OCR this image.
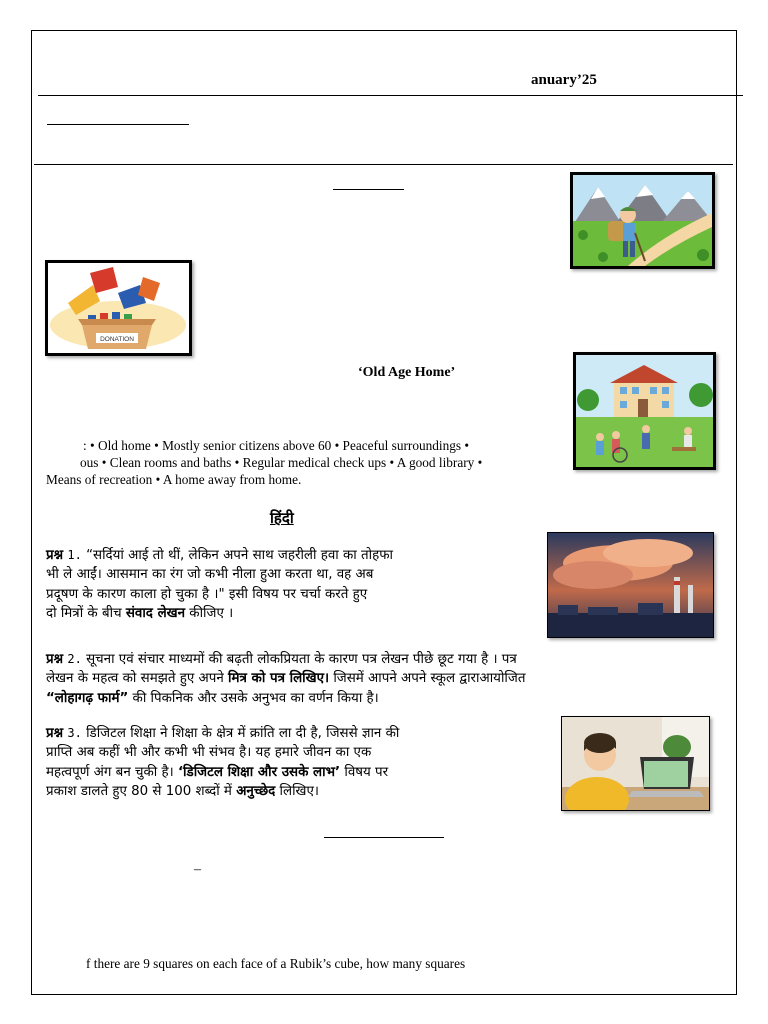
anuary’25
DONATION
‘Old Age Home’
: • Old home • Mostly senior citizens above 60 • Peaceful surroundings •
ous • Clean rooms and baths • Regular medical check ups • A good library •
Means of recreation • A home away from home.
हिंदी
प्रश्न 1. “सर्दियां आई तो थीं, लेकिन अपने साथ जहरीली हवा का तोहफा
भी ले आईं। आसमान का रंग जो कभी नीला हुआ करता था, वह अब
प्रदूषण के कारण काला हो चुका है ।" इसी विषय पर चर्चा करते हुए
दो मित्रों के बीच संवाद लेखन कीजिए ।
प्रश्न 2. सूचना एवं संचार माध्यमों की बढ़ती लोकप्रियता के कारण पत्र लेखन पीछे छूट गया है । पत्र
लेखन के महत्व को समझते हुए अपने मित्र को पत्र लिखिए। जिसमें आपने अपने स्कूल द्वाराआयोजित
“लोहागढ़ फार्म” की पिकनिक और उसके अनुभव का वर्णन किया है।
प्रश्न 3. डिजिटल शिक्षा ने शिक्षा के क्षेत्र में क्रांति ला दी है, जिससे ज्ञान की
प्राप्ति अब कहीं भी और कभी भी संभव है। यह हमारे जीवन का एक
महत्वपूर्ण अंग बन चुकी है। ‘डिजिटल शिक्षा और उसके लाभ’ विषय पर
प्रकाश डालते हुए 80 से 100 शब्दों में अनुच्छेद लिखिए।
–
f there are 9 squares on each face of a Rubik’s cube, how many squares
